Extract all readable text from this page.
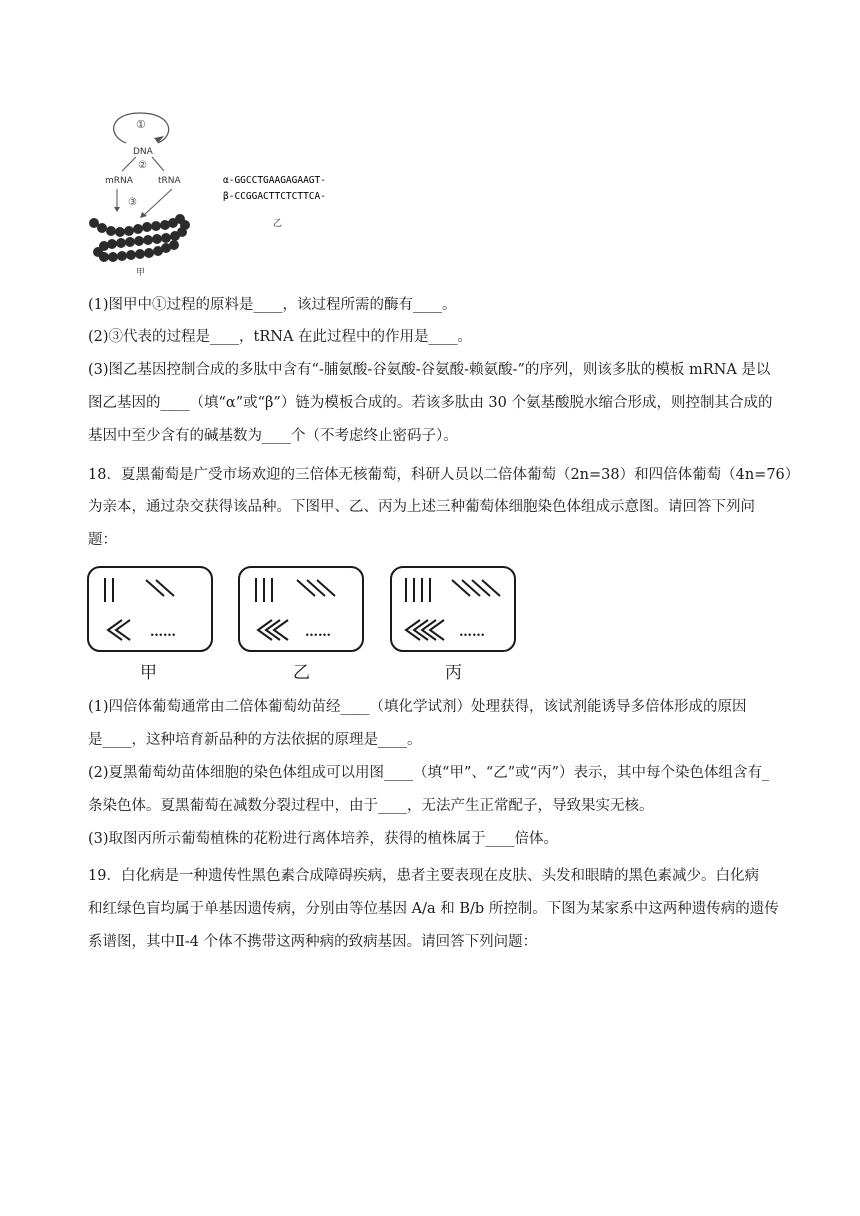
①
DNA
②
mRNA	tRNA
③
甲
α-GGCCTGAAGAGAAGT-
β-CCGGACTTCTCTTCA-
乙
(1)图甲中①过程的原料是____，该过程所需的酶有____。
(2)③代表的过程是____，tRNA 在此过程中的作用是____。
(3)图乙基因控制合成的多肽中含有“-脯氨酸-谷氨酸-谷氨酸-赖氨酸-”的序列，则该多肽的模板 mRNA 是以
图乙基因的____（填“α”或“β”）链为模板合成的。若该多肽由 30 个氨基酸脱水缩合形成，则控制其合成的
基因中至少含有的碱基数为____个（不考虑终止密码子）。
18．夏黑葡萄是广受市场欢迎的三倍体无核葡萄，科研人员以二倍体葡萄（2n=38）和四倍体葡萄（4n=76）
为亲本，通过杂交获得该品种。下图甲、乙、丙为上述三种葡萄体细胞染色体组成示意图。请回答下列问
题：
……	……	……
甲	乙	丙
(1)四倍体葡萄通常由二倍体葡萄幼苗经____（填化学试剂）处理获得，该试剂能诱导多倍体形成的原因
是____，这种培育新品种的方法依据的原理是____。
(2)夏黑葡萄幼苗体细胞的染色体组成可以用图____（填“甲”、“乙”或“丙”）表示，其中每个染色体组含有_
条染色体。夏黑葡萄在减数分裂过程中，由于____，无法产生正常配子，导致果实无核。
(3)取图丙所示葡萄植株的花粉进行离体培养，获得的植株属于____倍体。
19．白化病是一种遗传性黑色素合成障碍疾病，患者主要表现在皮肤、头发和眼睛的黑色素减少。白化病
和红绿色盲均属于单基因遗传病，分别由等位基因 A/a 和 B/b 所控制。下图为某家系中这两种遗传病的遗传
系谱图，其中Ⅱ-4 个体不携带这两种病的致病基因。请回答下列问题：
